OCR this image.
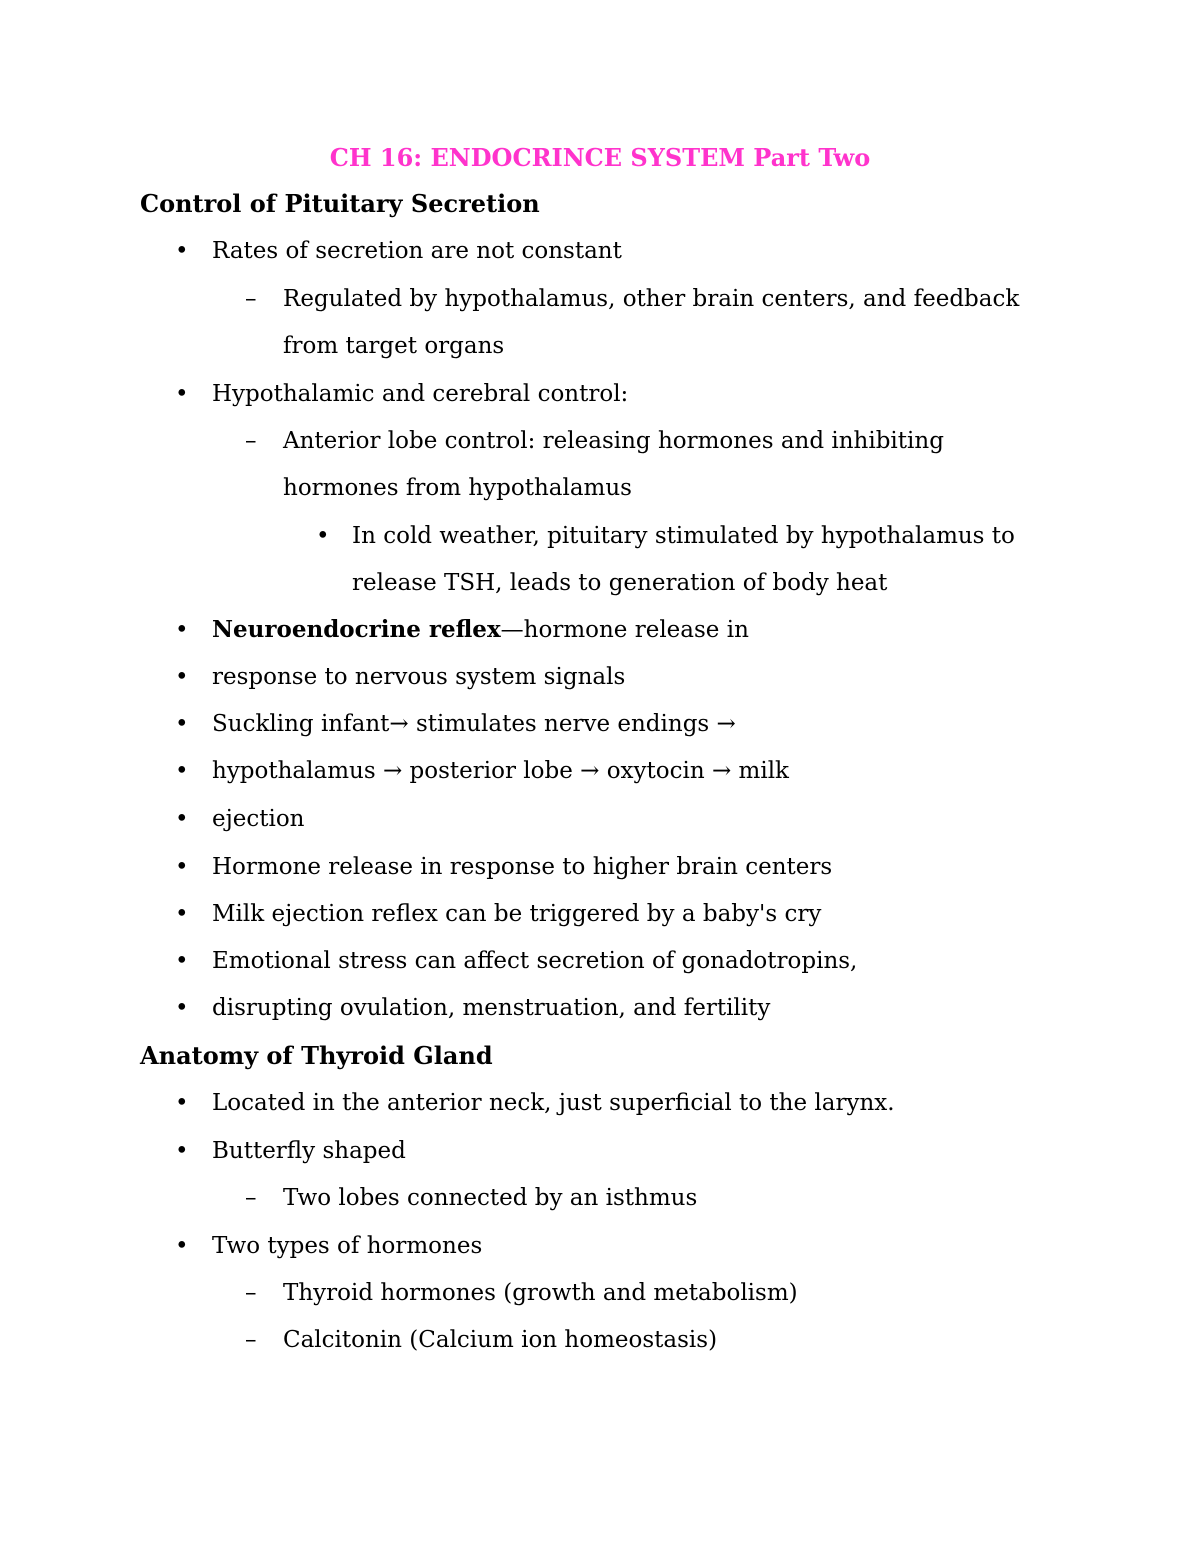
CH 16: ENDOCRINCE SYSTEM Part Two
Control of Pituitary Secretion
• Rates of secretion are not constant
– Regulated by hypothalamus, other brain centers, and feedback
from target organs
• Hypothalamic and cerebral control:
– Anterior lobe control: releasing hormones and inhibiting
hormones from hypothalamus
• In cold weather, pituitary stimulated by hypothalamus to
release TSH, leads to generation of body heat
• Neuroendocrine reflex—hormone release in
• response to nervous system signals
• Suckling infant→ stimulates nerve endings →
• hypothalamus → posterior lobe → oxytocin → milk
• ejection
• Hormone release in response to higher brain centers
• Milk ejection reflex can be triggered by a baby's cry
• Emotional stress can affect secretion of gonadotropins,
• disrupting ovulation, menstruation, and fertility
Anatomy of Thyroid Gland
• Located in the anterior neck, just superficial to the larynx.
• Butterfly shaped
– Two lobes connected by an isthmus
• Two types of hormones
– Thyroid hormones (growth and metabolism)
– Calcitonin (Calcium ion homeostasis)
